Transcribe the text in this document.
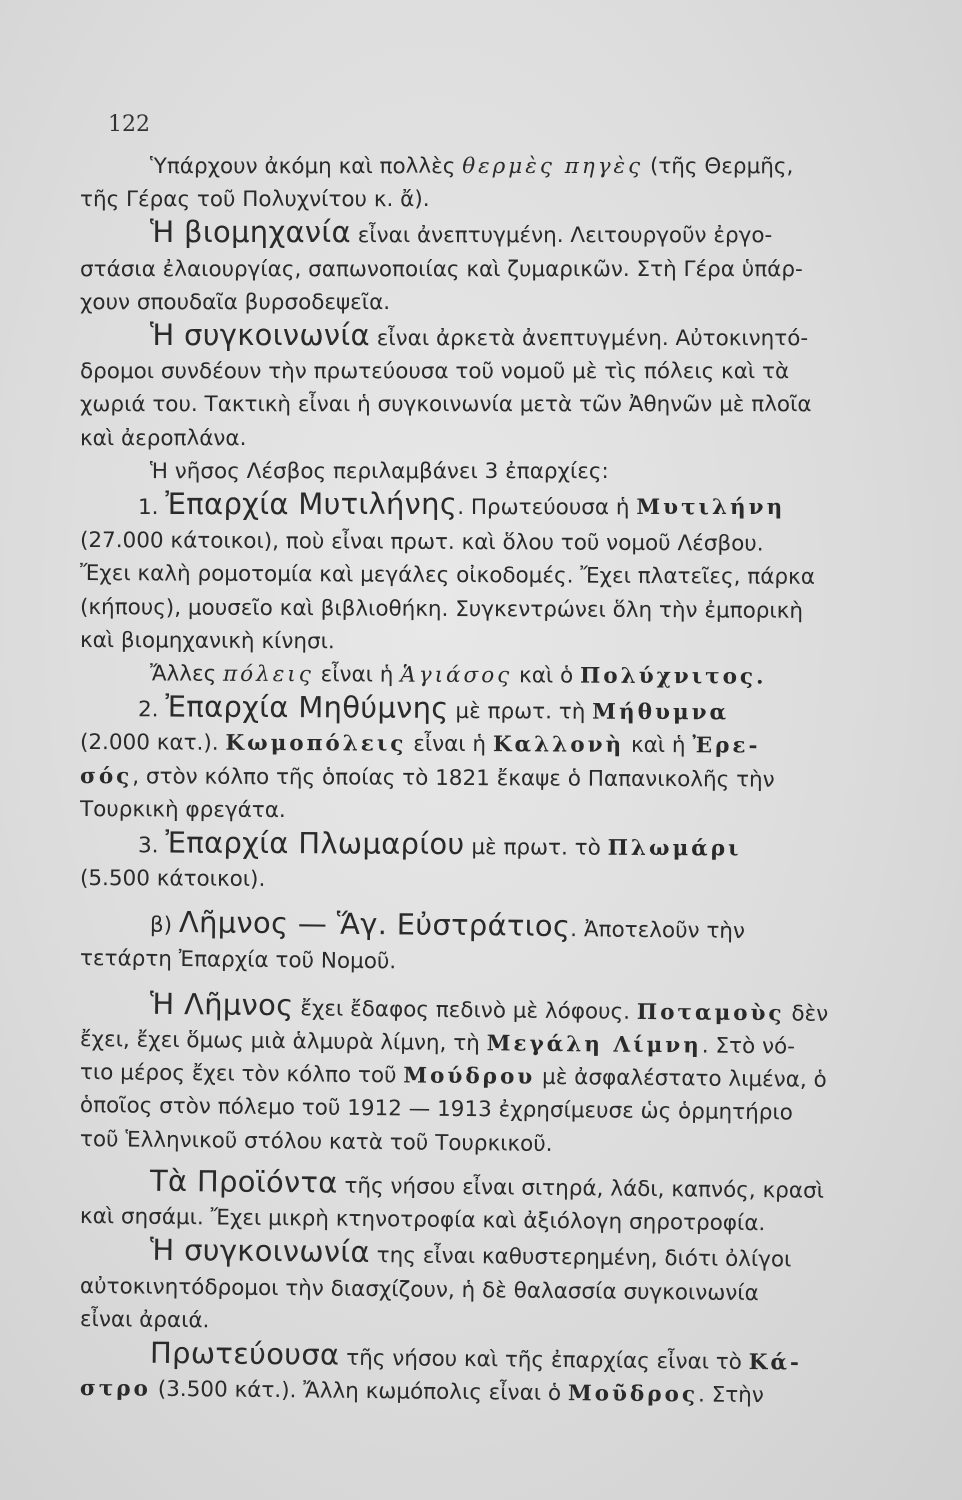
122
Ὑπάρχουν ἀκόμη καὶ πολλὲς θερμὲς πηγὲς (τῆς Θερμῆς,
τῆς Γέρας τοῦ Πολυχνίτου κ. ἄ).
Ἡ βιομηχανία εἶναι ἀνεπτυγμένη. Λειτουργοῦν ἐργο-
στάσια ἐλαιουργίας, σαπωνοποιίας καὶ ζυμαρικῶν. Στὴ Γέρα ὑπάρ-
χουν σπουδαῖα βυρσοδεψεῖα.
Ἡ συγκοινωνία εἶναι ἀρκετὰ ἀνεπτυγμένη. Αὐτοκινητό-
δρομοι συνδέουν τὴν πρωτεύουσα τοῦ νομοῦ μὲ τὶς πόλεις καὶ τὰ
χωριά του. Τακτικὴ εἶναι ἡ συγκοινωνία μετὰ τῶν Ἀθηνῶν μὲ πλοῖα
καὶ ἀεροπλάνα.
Ἡ νῆσος Λέσβος περιλαμβάνει 3 ἐπαρχίες:
1. Ἐπαρχία Μυτιλήνης. Πρωτεύουσα ἡ Μυτιλήνη
(27.000 κάτοικοι), ποὺ εἶναι πρωτ. καὶ ὅλου τοῦ νομοῦ Λέσβου.
Ἔχει καλὴ ρομοτομία καὶ μεγάλες οἰκοδομές. Ἔχει πλατεῖες, πάρκα
(κήπους), μουσεῖο καὶ βιβλιοθήκη. Συγκεντρώνει ὅλη τὴν ἐμπορικὴ
καὶ βιομηχανικὴ κίνησι.
Ἄλλες πόλεις εἶναι ἡ Ἁγιάσος καὶ ὁ Πολύχνιτος.
2. Ἐπαρχία Μηθύμνης μὲ πρωτ. τὴ Μήθυμνα
(2.000 κατ.). Κωμοπόλεις εἶναι ἡ Καλλονὴ καὶ ἡ Ἐρε-
σός, στὸν κόλπο τῆς ὁποίας τὸ 1821 ἔκαψε ὁ Παπανικολῆς τὴν
Τουρκικὴ φρεγάτα.
3. Ἐπαρχία Πλωμαρίου μὲ πρωτ. τὸ Πλωμάρι
(5.500 κάτοικοι).
β) Λῆμνος — Ἅγ. Εὐστράτιος. Ἀποτελοῦν τὴν
τετάρτη Ἐπαρχία τοῦ Νομοῦ.
Ἡ Λῆμνος ἔχει ἔδαφος πεδινὸ μὲ λόφους. Ποταμοὺς δὲν
ἔχει, ἔχει ὅμως μιὰ ἁλμυρὰ λίμνη, τὴ Μεγάλη Λίμνη. Στὸ νό-
τιο μέρος ἔχει τὸν κόλπο τοῦ Μούδρου μὲ ἀσφαλέστατο λιμένα, ὁ
ὁποῖος στὸν πόλεμο τοῦ 1912 — 1913 ἐχρησίμευσε ὡς ὁρμητήριο
τοῦ Ἑλληνικοῦ στόλου κατὰ τοῦ Τουρκικοῦ.
Τὰ Προϊόντα τῆς νήσου εἶναι σιτηρά, λάδι, καπνός, κρασὶ
καὶ σησάμι. Ἔχει μικρὴ κτηνοτροφία καὶ ἀξιόλογη σηροτροφία.
Ἡ συγκοινωνία της εἶναι καθυστερημένη, διότι ὀλίγοι
αὐτοκινητόδρομοι τὴν διασχίζουν, ἡ δὲ θαλασσία συγκοινωνία
εἶναι ἀραιά.
Πρωτεύουσα τῆς νήσου καὶ τῆς ἐπαρχίας εἶναι τὸ Κά-
στρο (3.500 κάτ.). Ἄλλη κωμόπολις εἶναι ὁ Μοῦδρος. Στὴν
